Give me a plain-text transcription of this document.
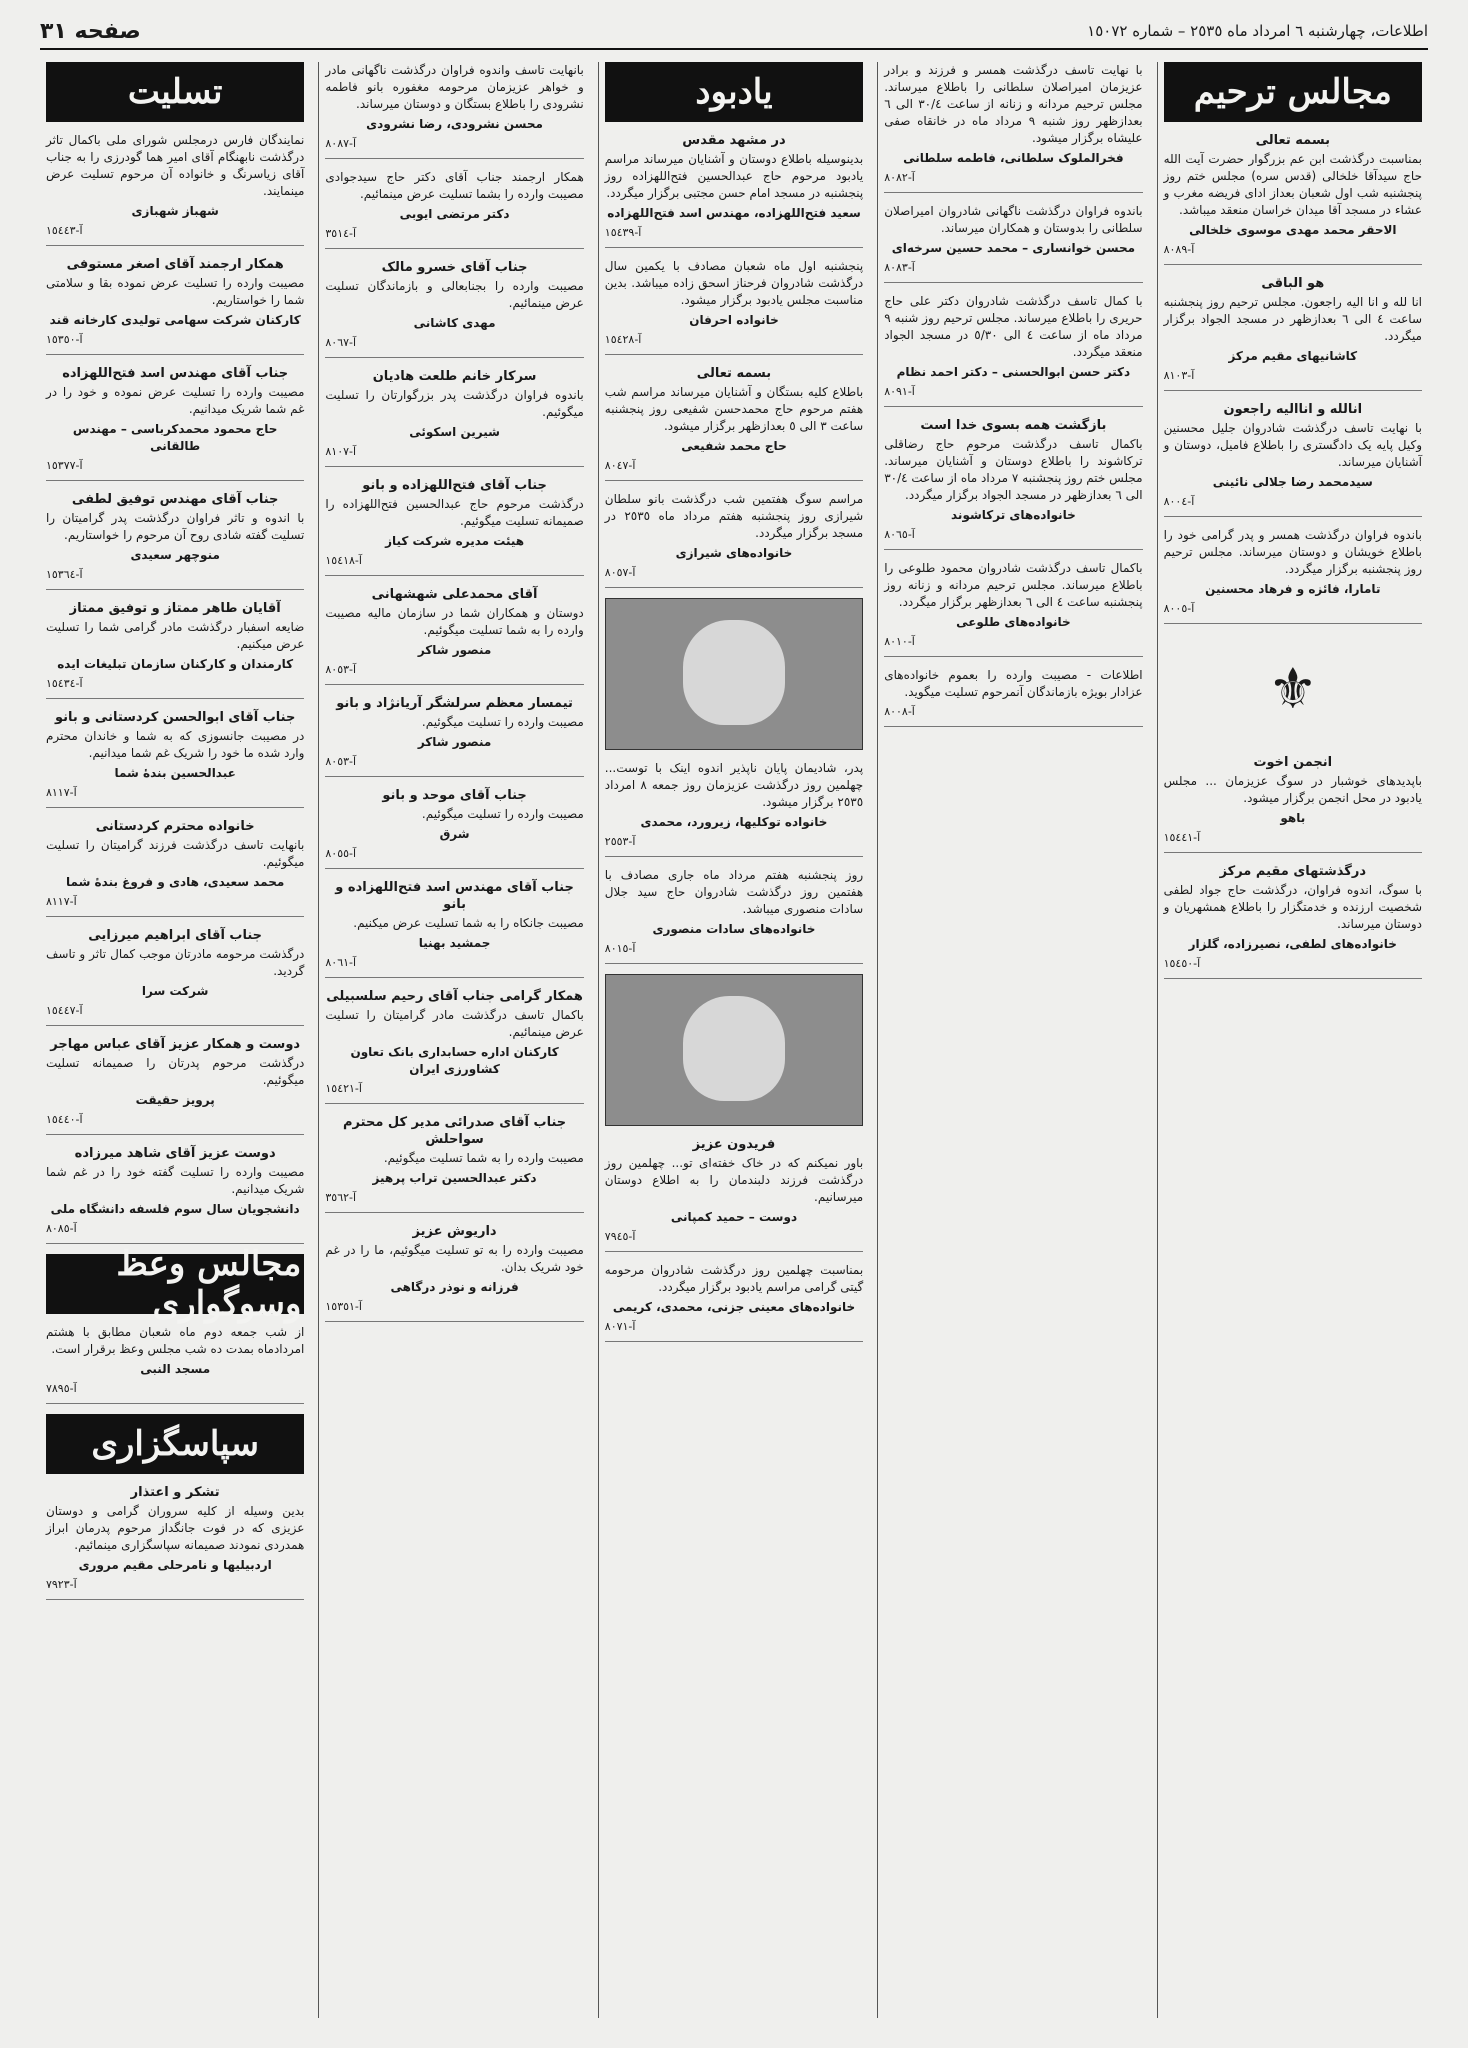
اطلاعات، چهارشنبه ٦ امرداد ماه ٢٥٣٥ – شماره ١٥٠٧٢
صفحه ٣١
مجالس ترحیم
بسمه تعالی
بمناسبت درگذشت ابن عم بزرگوار حضرت آیت الله حاج سیدآقا خلخالی (قدس سره) مجلس ختم روز پنجشنبه شب اول شعبان بعداز ادای فریضه مغرب و عشاء در مسجد آقا میدان خراسان منعقد میباشد.
الاحقر محمد مهدی موسوی خلخالی
آ-٨٠٨٩
هو الباقی
انا لله و انا الیه راجعون. مجلس ترحیم روز پنجشنبه ساعت ٤ الی ٦ بعدازظهر در مسجد الجواد برگزار میگردد.
کاشانیهای مقیم مرکز
آ-٨١٠٣
انالله و اناالیه راجعون
با نهایت تاسف درگذشت شادروان جلیل محسنین وکیل پایه یک دادگستری را باطلاع فامیل، دوستان و آشنایان میرساند.
سیدمحمد رضا جلالی نائینی
آ-٨٠٠٤
باندوه فراوان درگذشت همسر و پدر گرامی خود را باطلاع خویشان و دوستان میرساند. مجلس ترحیم روز پنجشنبه برگزار میگردد.
تامارا، فائزه و فرهاد محسنین
آ-٨٠٠٥
⚜
انجمن اخوت
باپدیدهای خوشبار در سوگ عزیزمان ... مجلس یادبود در محل انجمن برگزار میشود.
باهو
آ-١٥٤٤١
درگذشتهای مقیم مرکز
با سوگ، اندوه فراوان، درگذشت حاج جواد لطفی شخصیت ارزنده و خدمتگزار را باطلاع همشهریان و دوستان میرساند.
خانواده‌های لطفی، نصیرزاده، گلزار
آ-١٥٤٥٠
با نهایت تاسف درگذشت همسر و فرزند و برادر عزیزمان امیراصلان سلطانی را باطلاع میرساند. مجلس ترحیم مردانه و زنانه از ساعت ٣٠/٤ الی ٦ بعدازظهر روز شنبه ٩ مرداد ماه در خانقاه صفی علیشاه برگزار میشود.
فخرالملوک سلطانی، فاطمه سلطانی
آ-٨٠٨٢
باندوه فراوان درگذشت ناگهانی شادروان امیراصلان سلطانی را بدوستان و همکاران میرساند.
محسن خوانساری – محمد حسین سرخه‌ای
آ-٨٠٨٣
با کمال تاسف درگذشت شادروان دکتر علی حاج حریری را باطلاع میرساند. مجلس ترحیم روز شنبه ٩ مرداد ماه از ساعت ٤ الی ٥/٣٠ در مسجد الجواد منعقد میگردد.
دکتر حسن ابوالحسنی – دکتر احمد نظام
آ-٨٠٩١
بازگشت همه بسوی خدا است
باکمال تاسف درگذشت مرحوم حاج رضاقلی ترکاشوند را باطلاع دوستان و آشنایان میرساند. مجلس ختم روز پنجشنبه ٧ مرداد ماه از ساعت ٣٠/٤ الی ٦ بعدازظهر در مسجد الجواد برگزار میگردد.
خانواده‌های ترکاشوند
آ-٨٠٦٥
باکمال تاسف درگذشت شادروان محمود طلوعی را باطلاع میرساند. مجلس ترحیم مردانه و زنانه روز پنجشنبه ساعت ٤ الی ٦ بعدازظهر برگزار میگردد.
خانواده‌های طلوعی
آ-٨٠١٠
اطلاعات - مصیبت وارده را بعموم خانواده‌های عزادار بویژه بازماندگان آنمرحوم تسلیت میگوید.
آ-٨٠٠٨
یادبود
در مشهد مقدس
بدینوسیله باطلاع دوستان و آشنایان میرساند مراسم یادبود مرحوم حاج عبدالحسین فتح‌اللهزاده روز پنجشنبه در مسجد امام حسن مجتبی برگزار میگردد.
سعید فتح‌اللهزاده، مهندس اسد فتح‌اللهزاده
آ-١٥٤٣٩
پنجشنبه اول ماه شعبان مصادف با یکمین سال درگذشت شادروان فرحناز اسحق زاده میباشد. بدین مناسبت مجلس یادبود برگزار میشود.
خانواده احرفان
آ-١٥٤٢٨
بسمه تعالی
باطلاع کلیه بستگان و آشنایان میرساند مراسم شب هفتم مرحوم حاج محمدحسن شفیعی روز پنجشنبه ساعت ٣ الی ٥ بعدازظهر برگزار میشود.
حاج محمد شفیعی
آ-٨٠٤٧
مراسم سوگ هفتمین شب درگذشت بانو سلطان شیرازی روز پنجشنبه هفتم مرداد ماه ٢٥٣٥ در مسجد برگزار میگردد.
خانواده‌های شیرازی
آ-٨٠٥٧
پدر، شادیمان پایان ناپذیر اندوه اینک با توست... چهلمین روز درگذشت عزیزمان روز جمعه ٨ امرداد ٢٥٣٥ برگزار میشود.
خانواده توکلیها، زیرورد، محمدی
آ-٢٥٥٣
روز پنجشنبه هفتم مرداد ماه جاری مصادف با هفتمین روز درگذشت شادروان حاج سید جلال سادات منصوری میباشد.
خانواده‌های سادات منصوری
آ-٨٠١٥
فریدون عزیز
باور نمیکنم که در خاک خفته‌ای تو... چهلمین روز درگذشت فرزند دلبندمان را به اطلاع دوستان میرسانیم.
دوست – حمید کمپانی
آ-٧٩٤٥
بمناسبت چهلمین روز درگذشت شادروان مرحومه گیتی گرامی مراسم یادبود برگزار میگردد.
خانواده‌های معینی جزنی، محمدی، کریمی
آ-٨٠٧١
بانهایت تاسف واندوه فراوان درگذشت ناگهانی مادر و خواهر عزیزمان مرحومه مغفوره بانو فاطمه نشرودی را باطلاع بستگان و دوستان میرساند.
محسن نشرودی، رضا نشرودی
آ-٨٠٨٧
همکار ارجمند جناب آقای دکتر حاج سیدجوادی مصیبت وارده را بشما تسلیت عرض مینمائیم.
دکتر مرتضی ایوبی
آ-٣٥١٤
جناب آقای خسرو مالک
مصیبت وارده را بجنابعالی و بازماندگان تسلیت عرض مینمائیم.
مهدی کاشانی
آ-٨٠٦٧
سرکار خانم طلعت هادیان
باندوه فراوان درگذشت پدر بزرگوارتان را تسلیت میگوئیم.
شیرین اسکوئی
آ-٨١٠٧
جناب آقای فتح‌اللهزاده و بانو
درگذشت مرحوم حاج عبدالحسین فتح‌اللهزاده را صمیمانه تسلیت میگوئیم.
هیئت مدیره شرکت کیاز
آ-١٥٤١٨
آقای محمدعلی شهشهانی
دوستان و همکاران شما در سازمان مالیه مصیبت وارده را به شما تسلیت میگوئیم.
منصور شاکر
آ-٨٠٥٣
تیمسار معظم سرلشگر آریانژاد و بانو
مصیبت وارده را تسلیت میگوئیم.
منصور شاکر
آ-٨٠٥٣
جناب آقای موحد و بانو
مصیبت وارده را تسلیت میگوئیم.
شرق
آ-٨٠٥٥
جناب آقای مهندس اسد فتح‌اللهزاده و بانو
مصیبت جانکاه را به شما تسلیت عرض میکنیم.
جمشید بهنیا
آ-٨٠٦١
همکار گرامی جناب آقای رحیم سلسبیلی
باکمال تاسف درگذشت مادر گرامیتان را تسلیت عرض مینمائیم.
کارکنان اداره حسابداری بانک تعاون کشاورزی ایران
آ-١٥٤٢١
جناب آقای صدرائی مدیر کل محترم سواحلش
مصیبت وارده را به شما تسلیت میگوئیم.
دکتر عبدالحسین تراب پرهیز
آ-٣٥٦٢
داریوش عزیز
مصیبت وارده را به تو تسلیت میگوئیم، ما را در غم خود شریک بدان.
فرزانه و نوذر درگاهی
آ-١٥٣٥١
تسلیت
نمایندگان فارس درمجلس شورای ملی باکمال تاثر درگذشت نابهنگام آقای امیر هما گودرزی را به جناب آقای زیاسرنگ و خانواده آن مرحوم تسلیت عرض مینمایند.
شهباز شهبازی
آ-١٥٤٤٣
همکار ارجمند آقای اصغر مستوفی
مصیبت وارده را تسلیت عرض نموده بقا و سلامتی شما را خواستاریم.
کارکنان شرکت سهامی تولیدی کارخانه قند
آ-١٥٣٥٠
جناب آقای مهندس اسد فتح‌اللهزاده
مصیبت وارده را تسلیت عرض نموده و خود را در غم شما شریک میدانیم.
حاج محمود محمدکرباسی – مهندس طالقانی
آ-١٥٣٧٧
جناب آقای مهندس توفیق لطفی
با اندوه و تاثر فراوان درگذشت پدر گرامیتان را تسلیت گفته شادی روح آن مرحوم را خواستاریم.
منوچهر سعیدی
آ-١٥٣٦٤
آقایان طاهر ممتاز و توفیق ممتاز
ضایعه اسفبار درگذشت مادر گرامی شما را تسلیت عرض میکنیم.
کارمندان و کارکنان سازمان تبلیغات ایده
آ-١٥٤٣٤
جناب آقای ابوالحسن کردستانی و بانو
در مصیبت جانسوزی که به شما و خاندان محترم وارد شده ما خود را شریک غم شما میدانیم.
عبدالحسین بندهٔ شما
آ-٨١١٧
خانواده محترم کردستانی
بانهایت تاسف درگذشت فرزند گرامیتان را تسلیت میگوئیم.
محمد سعیدی، هادی و فروغ بندهٔ شما
آ-٨١١٧
جناب آقای ابراهیم میرزایی
درگذشت مرحومه مادرتان موجب کمال تاثر و تاسف گردید.
شرکت سرا
آ-١٥٤٤٧
دوست و همکار عزیز آقای عباس مهاجر
درگذشت مرحوم پدرتان را صمیمانه تسلیت میگوئیم.
پرویز حقیقت
آ-١٥٤٤٠
دوست عزیز آقای شاهد میرزاده
مصیبت وارده را تسلیت گفته خود را در غم شما شریک میدانیم.
دانشجویان سال سوم فلسفه دانشگاه ملی
آ-٨٠٨٥
مجالس وعظ وسوگواری
از شب جمعه دوم ماه شعبان مطابق با هشتم امردادماه بمدت ده شب مجلس وعظ برقرار است.
مسجد النبی
آ-٧٨٩٥
سپاسگزاری
تشکر و اعتذار
بدین وسیله از کلیه سروران گرامی و دوستان عزیزی که در فوت جانگداز مرحوم پدرمان ابراز همدردی نمودند صمیمانه سپاسگزاری مینمائیم.
اردبیلیها و نامرحلی مقیم مروری
آ-٧٩٢٣
